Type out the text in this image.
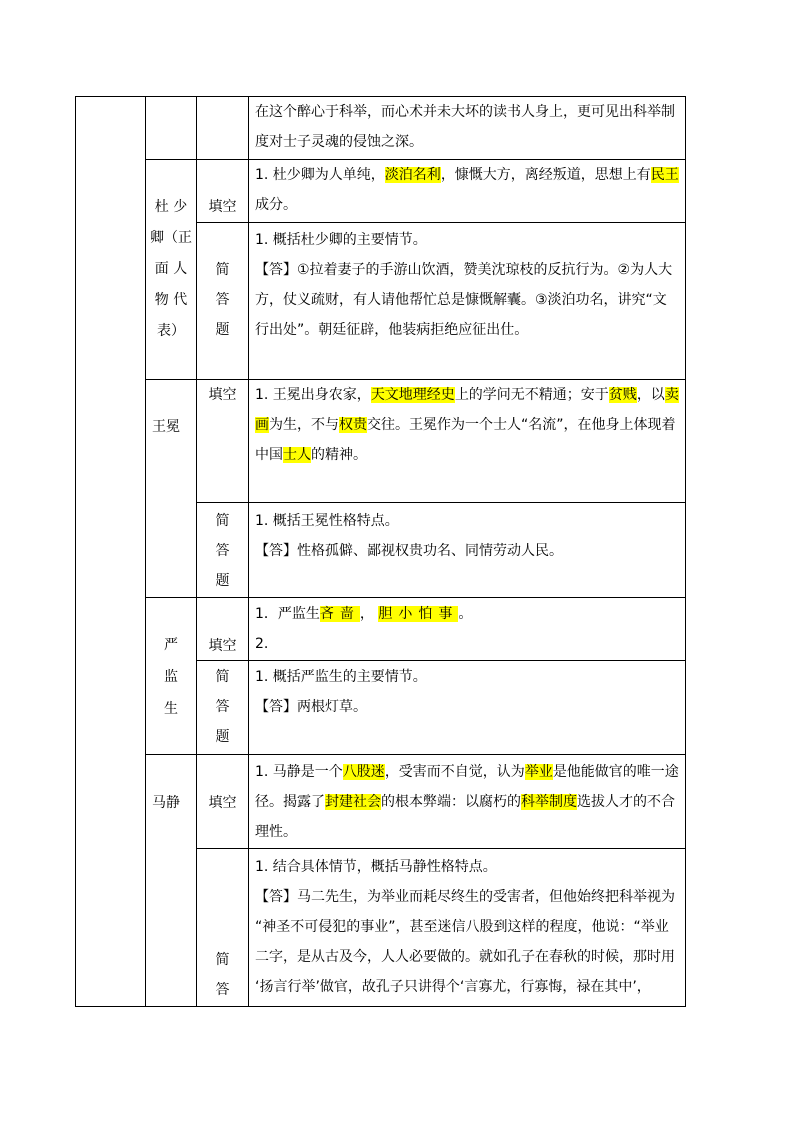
在这个醉心于科举，而心术并未大坏的读书人身上，更可见出科举制

度对士子灵魂的侵蚀之深。

杜 少

卿（正

面 人

物 代

表）

填空

1. 杜少卿为人单纯，淡泊名利，慷慨大方，离经叛道，思想上有民王

成分。

简

答

题

1. 概括杜少卿的主要情节。

【答】①拉着妻子的手游山饮酒，赞美沈琼枝的反抗行为。②为人大

方，仗义疏财，有人请他帮忙总是慷慨解囊。③淡泊功名，讲究“文

行出处”。朝廷征辟，他装病拒绝应征出仕。

王冕
填空	1. 王冕出身农家，天文地理经史上的学问无不精通；安于贫贱，以卖

画为生，不与权贵交往。王冕作为一个士人“名流”，在他身上体现着

中国士人的精神。

简

答

题

1. 概括王冕性格特点。

【答】性格孤僻、鄙视权贵功名、同情劳动人民。

严

监

生

填空

1．严监生吝啬， 胆小怕事。

2.

简

答

题

1. 概括严监生的主要情节。

【答】两根灯草。

马静	填空

1. 马静是一个八股迷，受害而不自觉，认为举业是他能做官的唯一途

径。揭露了封建社会的根本弊端：以腐朽的科举制度选拔人才的不合

理性。

简

答

1. 结合具体情节，概括马静性格特点。

【答】马二先生，为举业而耗尽终生的受害者，但他始终把科举视为

“神圣不可侵犯的事业”，甚至迷信八股到这样的程度，他说：“举业

二字，是从古及今，人人必要做的。就如孔子在春秋的时候，那时用

‘扬言行举’做官，故孔子只讲得个‘言寡尤，行寡悔，禄在其中’，
